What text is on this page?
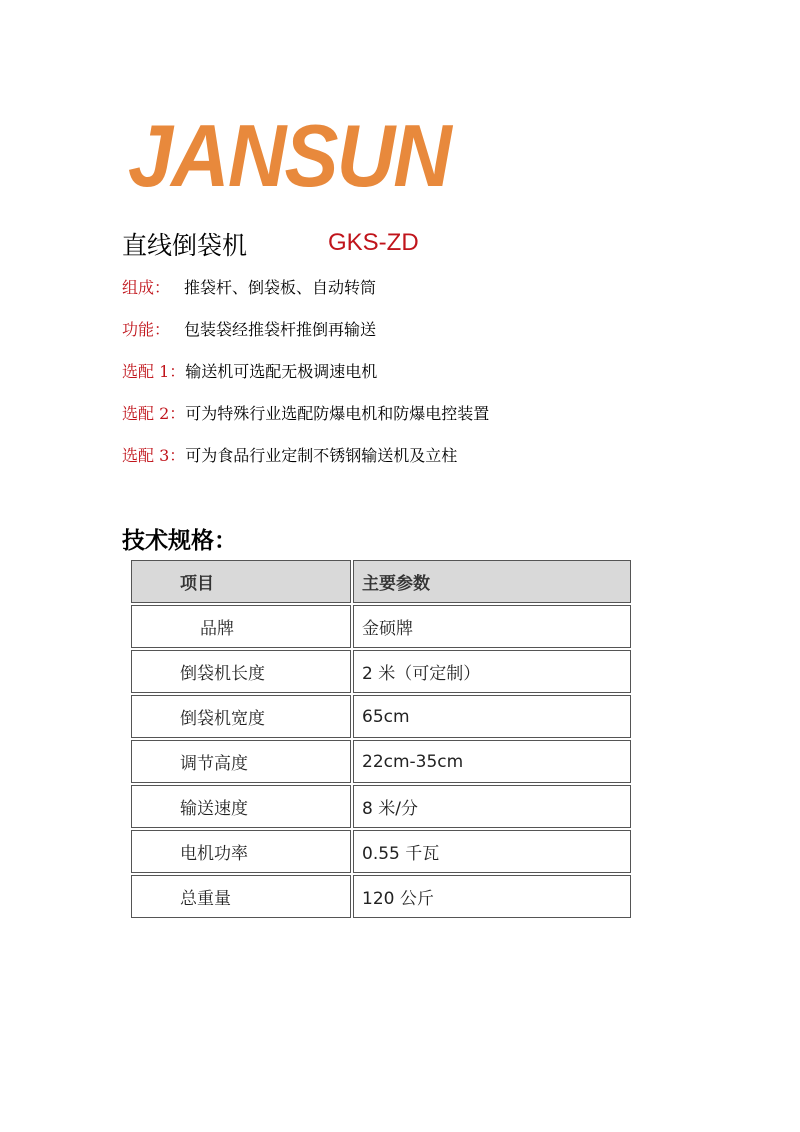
JANSUN
直线倒袋机	GKS-ZD
组成： 推袋杆、倒袋板、自动转筒
功能： 包装袋经推袋杆推倒再输送
选配 1：输送机可选配无极调速电机
选配 2：可为特殊行业选配防爆电机和防爆电控装置
选配 3：可为食品行业定制不锈钢输送机及立柱
技术规格：
项目	主要参数
品牌	金硕牌
倒袋机长度	2 米（可定制）
倒袋机宽度	65cm
调节高度	22cm-35cm
输送速度	8 米/分
电机功率	0.55 千瓦
总重量	120 公斤
